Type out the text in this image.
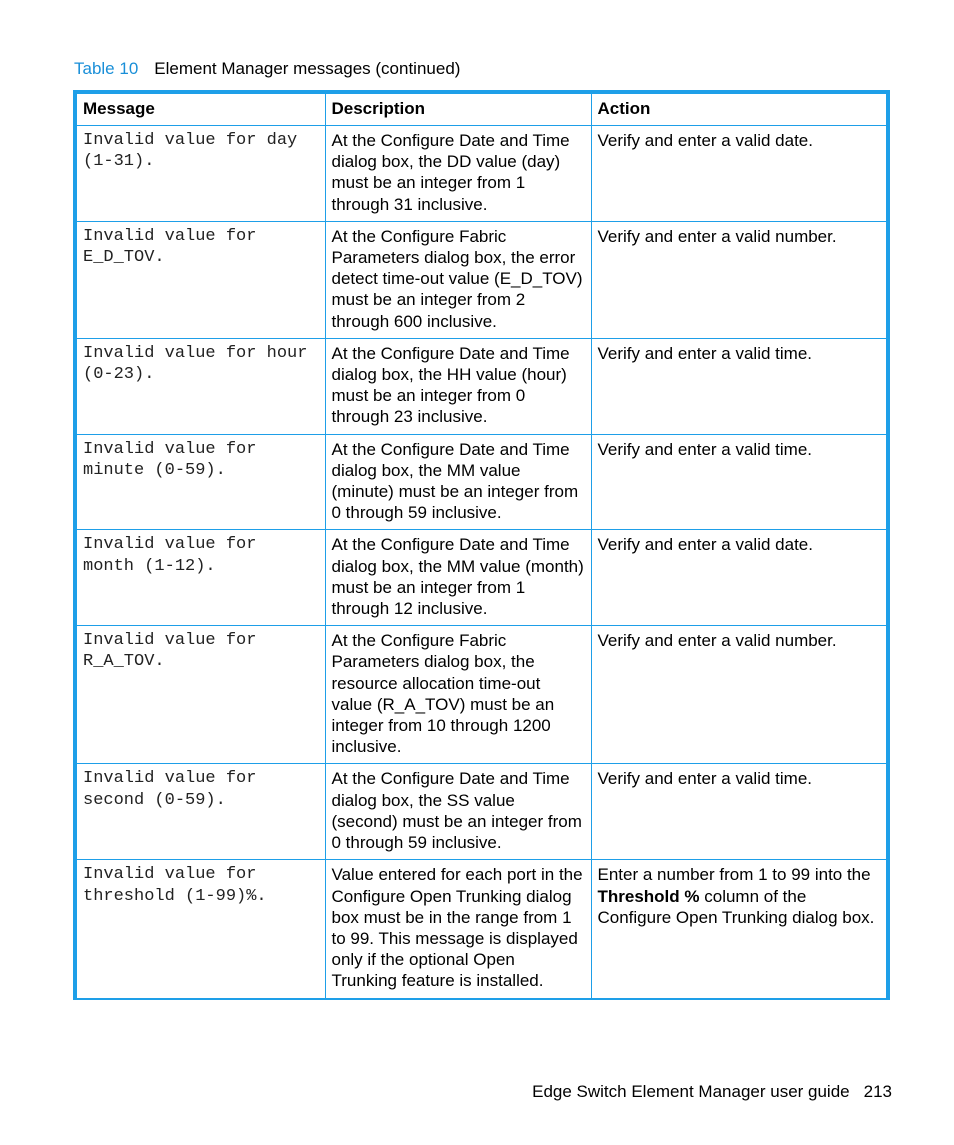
Table 10 Element Manager messages (continued)
Message	Description	Action
Invalid value for day
(1-31).	At the Configure Date and Time dialog box, the DD value (day) must be an integer from 1 through 31 inclusive.	Verify and enter a valid date.
Invalid value for
E_D_TOV.	At the Configure Fabric Parameters dialog box, the error detect time-out value (E_D_TOV) must be an integer from 2 through 600 inclusive.	Verify and enter a valid number.
Invalid value for hour
(0-23).	At the Configure Date and Time dialog box, the HH value (hour) must be an integer from 0 through 23 inclusive.	Verify and enter a valid time.
Invalid value for
minute (0-59).	At the Configure Date and Time dialog box, the MM value (minute) must be an integer from 0 through 59 inclusive.	Verify and enter a valid time.
Invalid value for
month (1-12).	At the Configure Date and Time dialog box, the MM value (month) must be an integer from 1 through 12 inclusive.	Verify and enter a valid date.
Invalid value for
R_A_TOV.	At the Configure Fabric Parameters dialog box, the resource allocation time-out value (R_A_TOV) must be an integer from 10 through 1200 inclusive.	Verify and enter a valid number.
Invalid value for
second (0-59).	At the Configure Date and Time dialog box, the SS value (second) must be an integer from 0 through 59 inclusive.	Verify and enter a valid time.
Invalid value for
threshold (1-99)%.	Value entered for each port in the Configure Open Trunking dialog box must be in the range from 1 to 99. This message is displayed only if the optional Open Trunking feature is installed.	Enter a number from 1 to 99 into the Threshold % column of the Configure Open Trunking dialog box.
Edge Switch Element Manager user guide 213
